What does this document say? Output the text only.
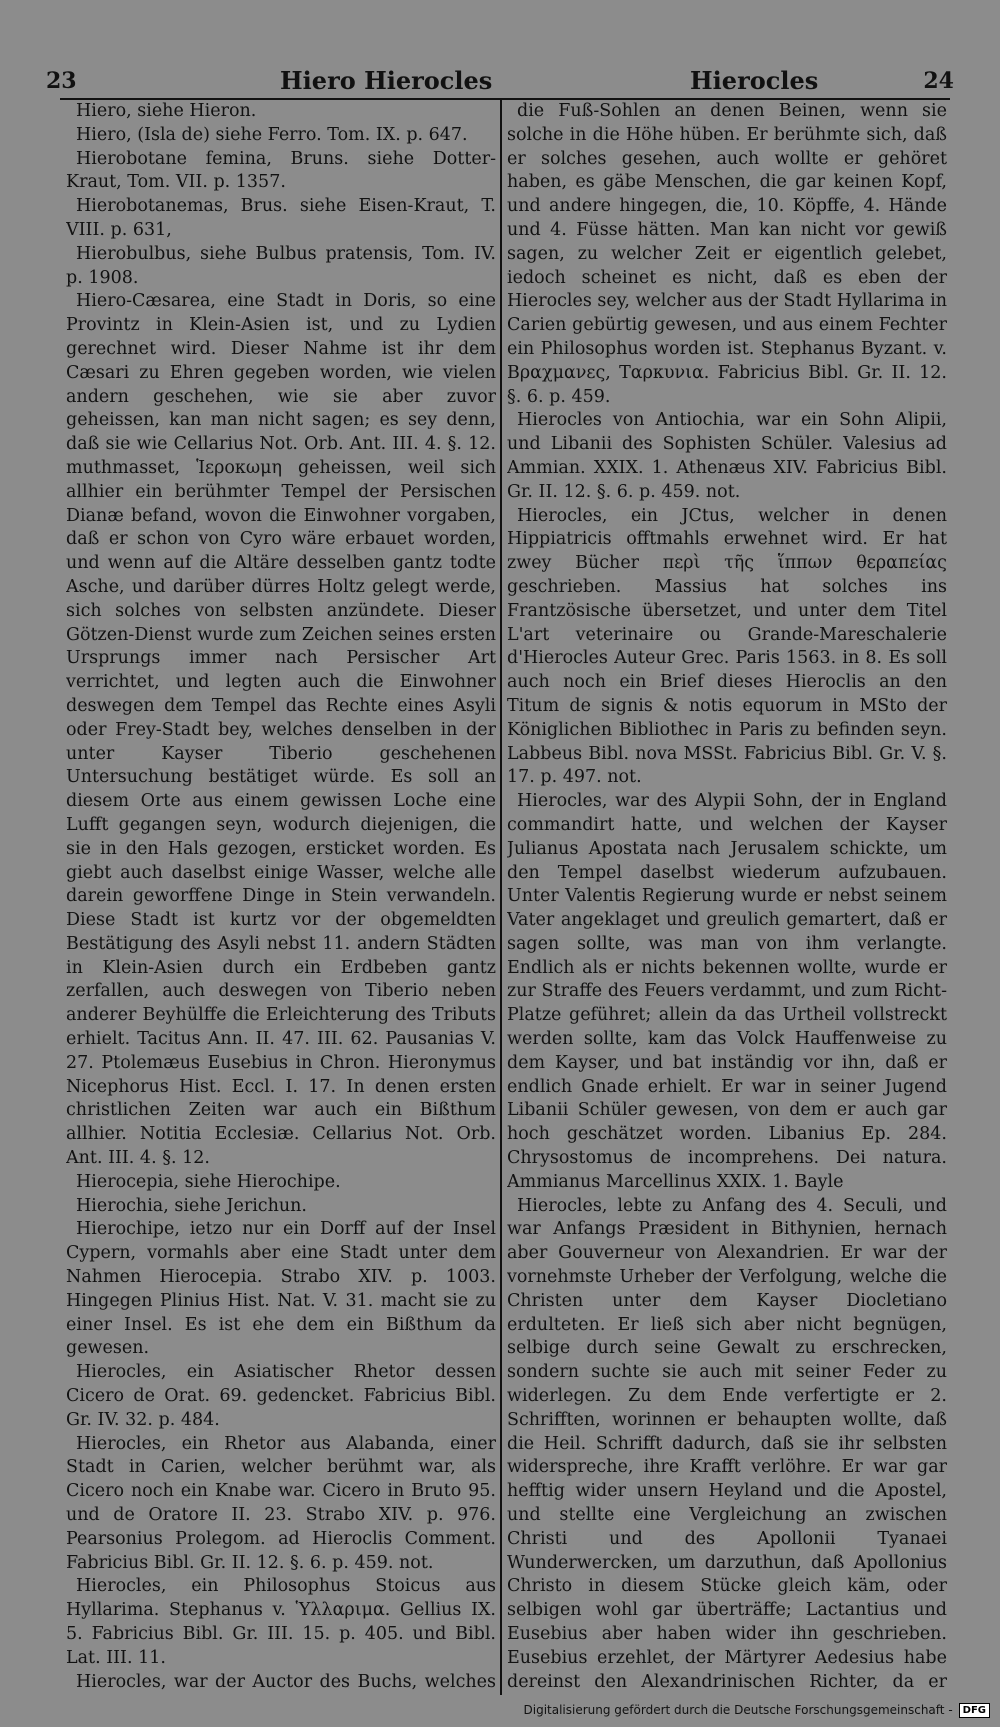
23	Hiero Hierocles	Hierocles	24

Hiero, siehe Hieron.

Hiero, (Isla de) siehe Ferro. Tom. IX. p. 647.

Hierobotane femina, Bruns. siehe Dotter-Kraut, Tom. VII. p. 1357.

Hierobotanemas, Brus. siehe Eisen-Kraut, T. VIII. p. 631,

Hierobulbus, siehe Bulbus pratensis, Tom. IV. p. 1908.

Hiero-Cæsarea, eine Stadt in Doris, so eine Provintz in Klein-Asien ist, und zu Lydien gerechnet wird. Dieser Nahme ist ihr dem Cæsari zu Ehren gegeben worden, wie vielen andern geschehen, wie sie aber zuvor geheissen, kan man nicht sagen; es sey denn, daß sie wie Cellarius Not. Orb. Ant. III. 4. §. 12. muthmasset, Ἱεροκωμη geheissen, weil sich allhier ein berühmter Tempel der Persischen Dianæ befand, wovon die Einwohner vorgaben, daß er schon von Cyro wäre erbauet worden, und wenn auf die Altäre desselben gantz todte Asche, und darüber dürres Holtz gelegt werde, sich solches von selbsten anzündete. Dieser Götzen-Dienst wurde zum Zeichen seines ersten Ursprungs immer nach Persischer Art verrichtet, und legten auch die Einwohner deswegen dem Tempel das Rechte eines Asyli oder Frey-Stadt bey, welches denselben in der unter Kayser Tiberio geschehenen Untersuchung bestätiget würde. Es soll an diesem Orte aus einem gewissen Loche eine Lufft gegangen seyn, wodurch diejenigen, die sie in den Hals gezogen, ersticket worden. Es giebt auch daselbst einige Wasser, welche alle darein geworffene Dinge in Stein verwandeln. Diese Stadt ist kurtz vor der obgemeldten Bestätigung des Asyli nebst 11. andern Städten in Klein-Asien durch ein Erdbeben gantz zerfallen, auch deswegen von Tiberio neben anderer Beyhülffe die Erleichterung des Tributs erhielt. Tacitus Ann. II. 47. III. 62. Pausanias V. 27. Ptolemæus Eusebius in Chron. Hieronymus Nicephorus Hist. Eccl. I. 17. In denen ersten christlichen Zeiten war auch ein Bißthum allhier. Notitia Ecclesiæ. Cellarius Not. Orb. Ant. III. 4. §. 12.

Hierocepia, siehe Hierochipe.

Hierochia, siehe Jerichun.

Hierochipe, ietzo nur ein Dorff auf der Insel Cypern, vormahls aber eine Stadt unter dem Nahmen Hierocepia. Strabo XIV. p. 1003. Hingegen Plinius Hist. Nat. V. 31. macht sie zu einer Insel. Es ist ehe dem ein Bißthum da gewesen.

Hierocles, ein Asiatischer Rhetor dessen Cicero de Orat. 69. gedencket. Fabricius Bibl. Gr. IV. 32. p. 484.

Hierocles, ein Rhetor aus Alabanda, einer Stadt in Carien, welcher berühmt war, als Cicero noch ein Knabe war. Cicero in Bruto 95. und de Oratore II. 23. Strabo XIV. p. 976. Pearsonius Prolegom. ad Hieroclis Comment. Fabricius Bibl. Gr. II. 12. §. 6. p. 459. not.

Hierocles, ein Philosophus Stoicus aus Hyllarima. Stephanus v. Ὑλλαριμα. Gellius IX. 5. Fabricius Bibl. Gr. III. 15. p. 405. und Bibl. Lat. III. 11.

Hierocles, war der Auctor des Buchs, welches

die Fuß-Sohlen an denen Beinen, wenn sie solche in die Höhe hüben. Er berühmte sich, daß er solches gesehen, auch wollte er gehöret haben, es gäbe Menschen, die gar keinen Kopf, und andere hingegen, die, 10. Köpffe, 4. Hände und 4. Füsse hätten. Man kan nicht vor gewiß sagen, zu welcher Zeit er eigentlich gelebet, iedoch scheinet es nicht, daß es eben der Hierocles sey, welcher aus der Stadt Hyllarima in Carien gebürtig gewesen, und aus einem Fechter ein Philosophus worden ist. Stephanus Byzant. v. Βραχμανες, Ταρκυνια. Fabricius Bibl. Gr. II. 12. §. 6. p. 459.

Hierocles von Antiochia, war ein Sohn Alipii, und Libanii des Sophisten Schüler. Valesius ad Ammian. XXIX. 1. Athenæus XIV. Fabricius Bibl. Gr. II. 12. §. 6. p. 459. not.

Hierocles, ein JCtus, welcher in denen Hippiatricis offtmahls erwehnet wird. Er hat zwey Bücher περὶ τῆς ἵππων θεραπείας geschrieben. Massius hat solches ins Frantzösische übersetzet, und unter dem Titel L'art veterinaire ou Grande-Mareschalerie d'Hierocles Auteur Grec. Paris 1563. in 8. Es soll auch noch ein Brief dieses Hieroclis an den Titum de signis & notis equorum in MSto der Königlichen Bibliothec in Paris zu befinden seyn. Labbeus Bibl. nova MSSt. Fabricius Bibl. Gr. V. §. 17. p. 497. not.

Hierocles, war des Alypii Sohn, der in England commandirt hatte, und welchen der Kayser Julianus Apostata nach Jerusalem schickte, um den Tempel daselbst wiederum aufzubauen. Unter Valentis Regierung wurde er nebst seinem Vater angeklaget und greulich gemartert, daß er sagen sollte, was man von ihm verlangte. Endlich als er nichts bekennen wollte, wurde er zur Straffe des Feuers verdammt, und zum Richt-Platze geführet; allein da das Urtheil vollstreckt werden sollte, kam das Volck Hauffenweise zu dem Kayser, und bat inständig vor ihn, daß er endlich Gnade erhielt. Er war in seiner Jugend Libanii Schüler gewesen, von dem er auch gar hoch geschätzet worden. Libanius Ep. 284. Chrysostomus de incomprehens. Dei natura. Ammianus Marcellinus XXIX. 1. Bayle

Hierocles, lebte zu Anfang des 4. Seculi, und war Anfangs Præsident in Bithynien, hernach aber Gouverneur von Alexandrien. Er war der vornehmste Urheber der Verfolgung, welche die Christen unter dem Kayser Diocletiano erdulteten. Er ließ sich aber nicht begnügen, selbige durch seine Gewalt zu erschrecken, sondern suchte sie auch mit seiner Feder zu widerlegen. Zu dem Ende verfertigte er 2. Schrifften, worinnen er behaupten wollte, daß die Heil. Schrifft dadurch, daß sie ihr selbsten widerspreche, ihre Krafft verlöhre. Er war gar hefftig wider unsern Heyland und die Apostel, und stellte eine Vergleichung an zwischen Christi und des Apollonii Tyanaei Wunderwercken, um darzuthun, daß Apollonius Christo in diesem Stücke gleich käm, oder selbigen wohl gar überträffe; Lactantius und Eusebius aber haben wider ihn geschrieben. Eusebius erzehlet, der Märtyrer Aedesius habe dereinst den Alexandrinischen Richter, da er

Digitalisierung gefördert durch die Deutsche Forschungsgemeinschaft -	DFG
